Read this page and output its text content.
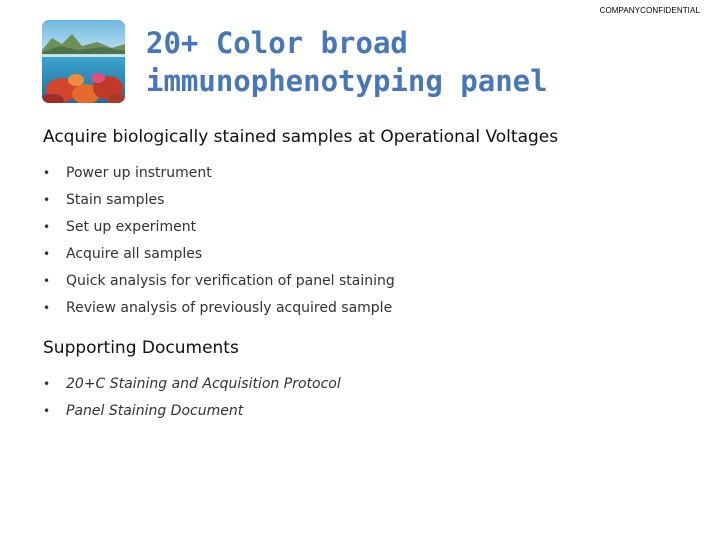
COMPANYCONFIDENTIAL
20+ Color broad
immunophenotyping panel
Acquire biologically stained samples at Operational Voltages
• Power up instrument
• Stain samples
• Set up experiment
• Acquire all samples
• Quick analysis for verification of panel staining
• Review analysis of previously acquired sample
Supporting Documents
• 20+C Staining and Acquisition Protocol
• Panel Staining Document
